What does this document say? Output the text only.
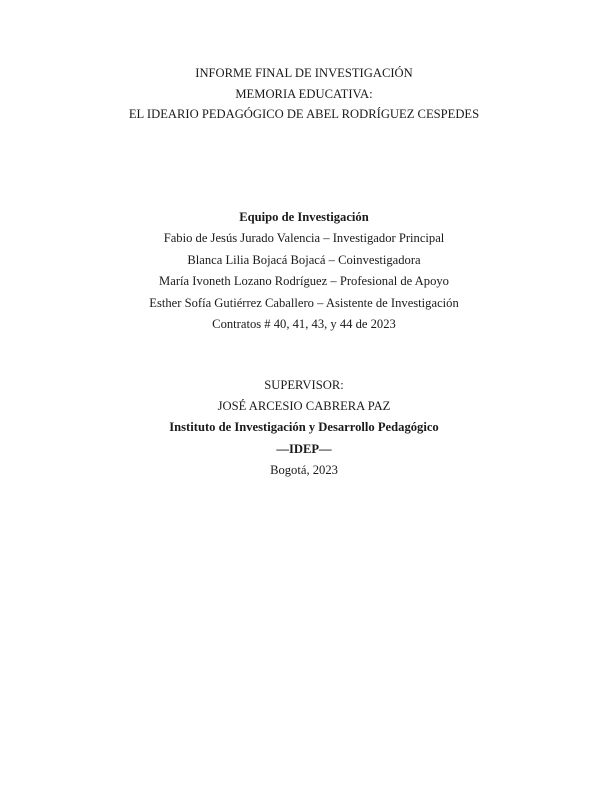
INFORME FINAL DE INVESTIGACIÓN
MEMORIA EDUCATIVA:
EL IDEARIO PEDAGÓGICO DE ABEL RODRÍGUEZ CESPEDES
Equipo de Investigación
Fabio de Jesús Jurado Valencia – Investigador Principal
Blanca Lilia Bojacá Bojacá – Coinvestigadora
María Ivoneth Lozano Rodríguez – Profesional de Apoyo
Esther Sofía Gutiérrez Caballero – Asistente de Investigación
Contratos # 40, 41, 43, y 44 de 2023
SUPERVISOR:
JOSÉ ARCESIO CABRERA PAZ
Instituto de Investigación y Desarrollo Pedagógico
—IDEP—
Bogotá, 2023
